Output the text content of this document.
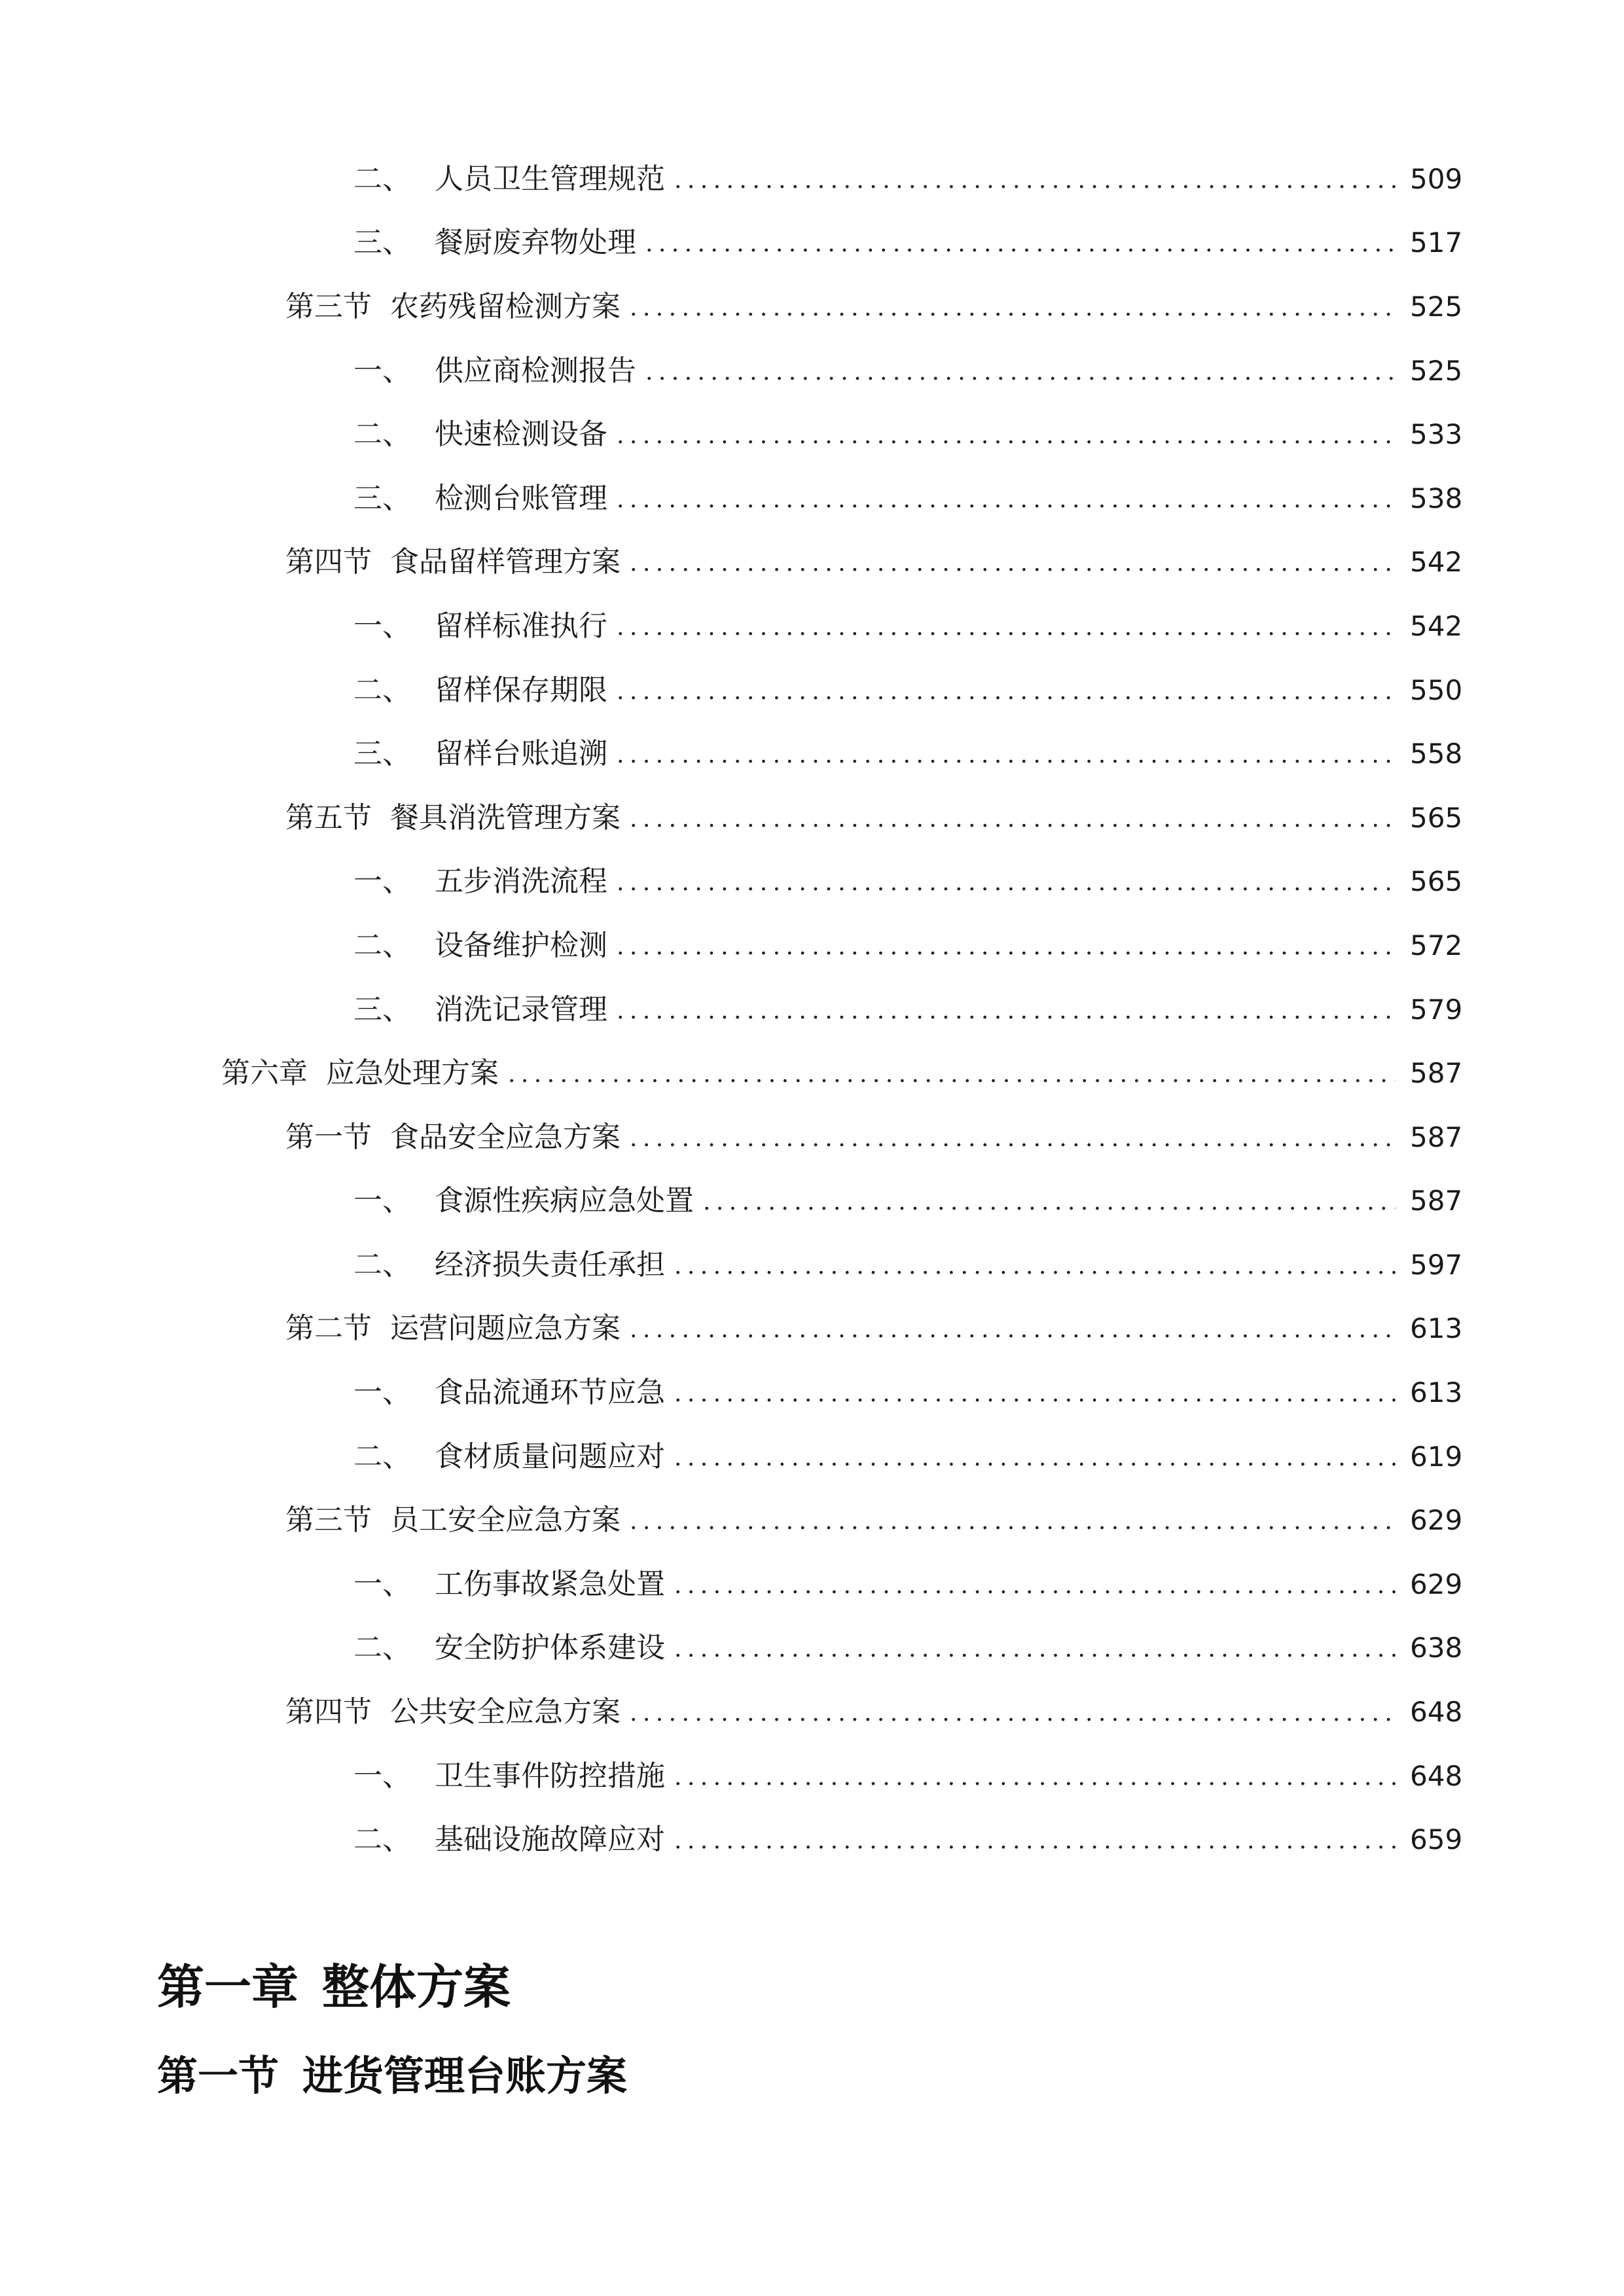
二、 人员卫生管理规范 . . .	509
三、 餐厨废弃物处理 . . .	517
第三节 农药残留检测方案 . . .	525
一、 供应商检测报告 . . .	525
二、 快速检测设备 . . .	533
三、 检测台账管理 . . .	538
第四节 食品留样管理方案 . . .	542
一、 留样标准执行 . . .	542
二、 留样保存期限 . . .	550
三、 留样台账追溯 . . .	558
第五节 餐具消洗管理方案 . . .	565
一、 五步消洗流程 . . .	565
二、 设备维护检测 . . .	572
三、 消洗记录管理 . . .	579
第六章 应急处理方案 . . .	587
第一节 食品安全应急方案 . . .	587
一、 食源性疾病应急处置 . . .	587
二、 经济损失责任承担 . . .	597
第二节 运营问题应急方案 . . .	613
一、 食品流通环节应急 . . .	613
二、 食材质量问题应对 . . .	619
第三节 员工安全应急方案 . . .	629
一、 工伤事故紧急处置 . . .	629
二、 安全防护体系建设 . . .	638
第四节 公共安全应急方案 . . .	648
一、 卫生事件防控措施 . . .	648
二、 基础设施故障应对 . . .	659
第一章 整体方案
第一节 进货管理台账方案
